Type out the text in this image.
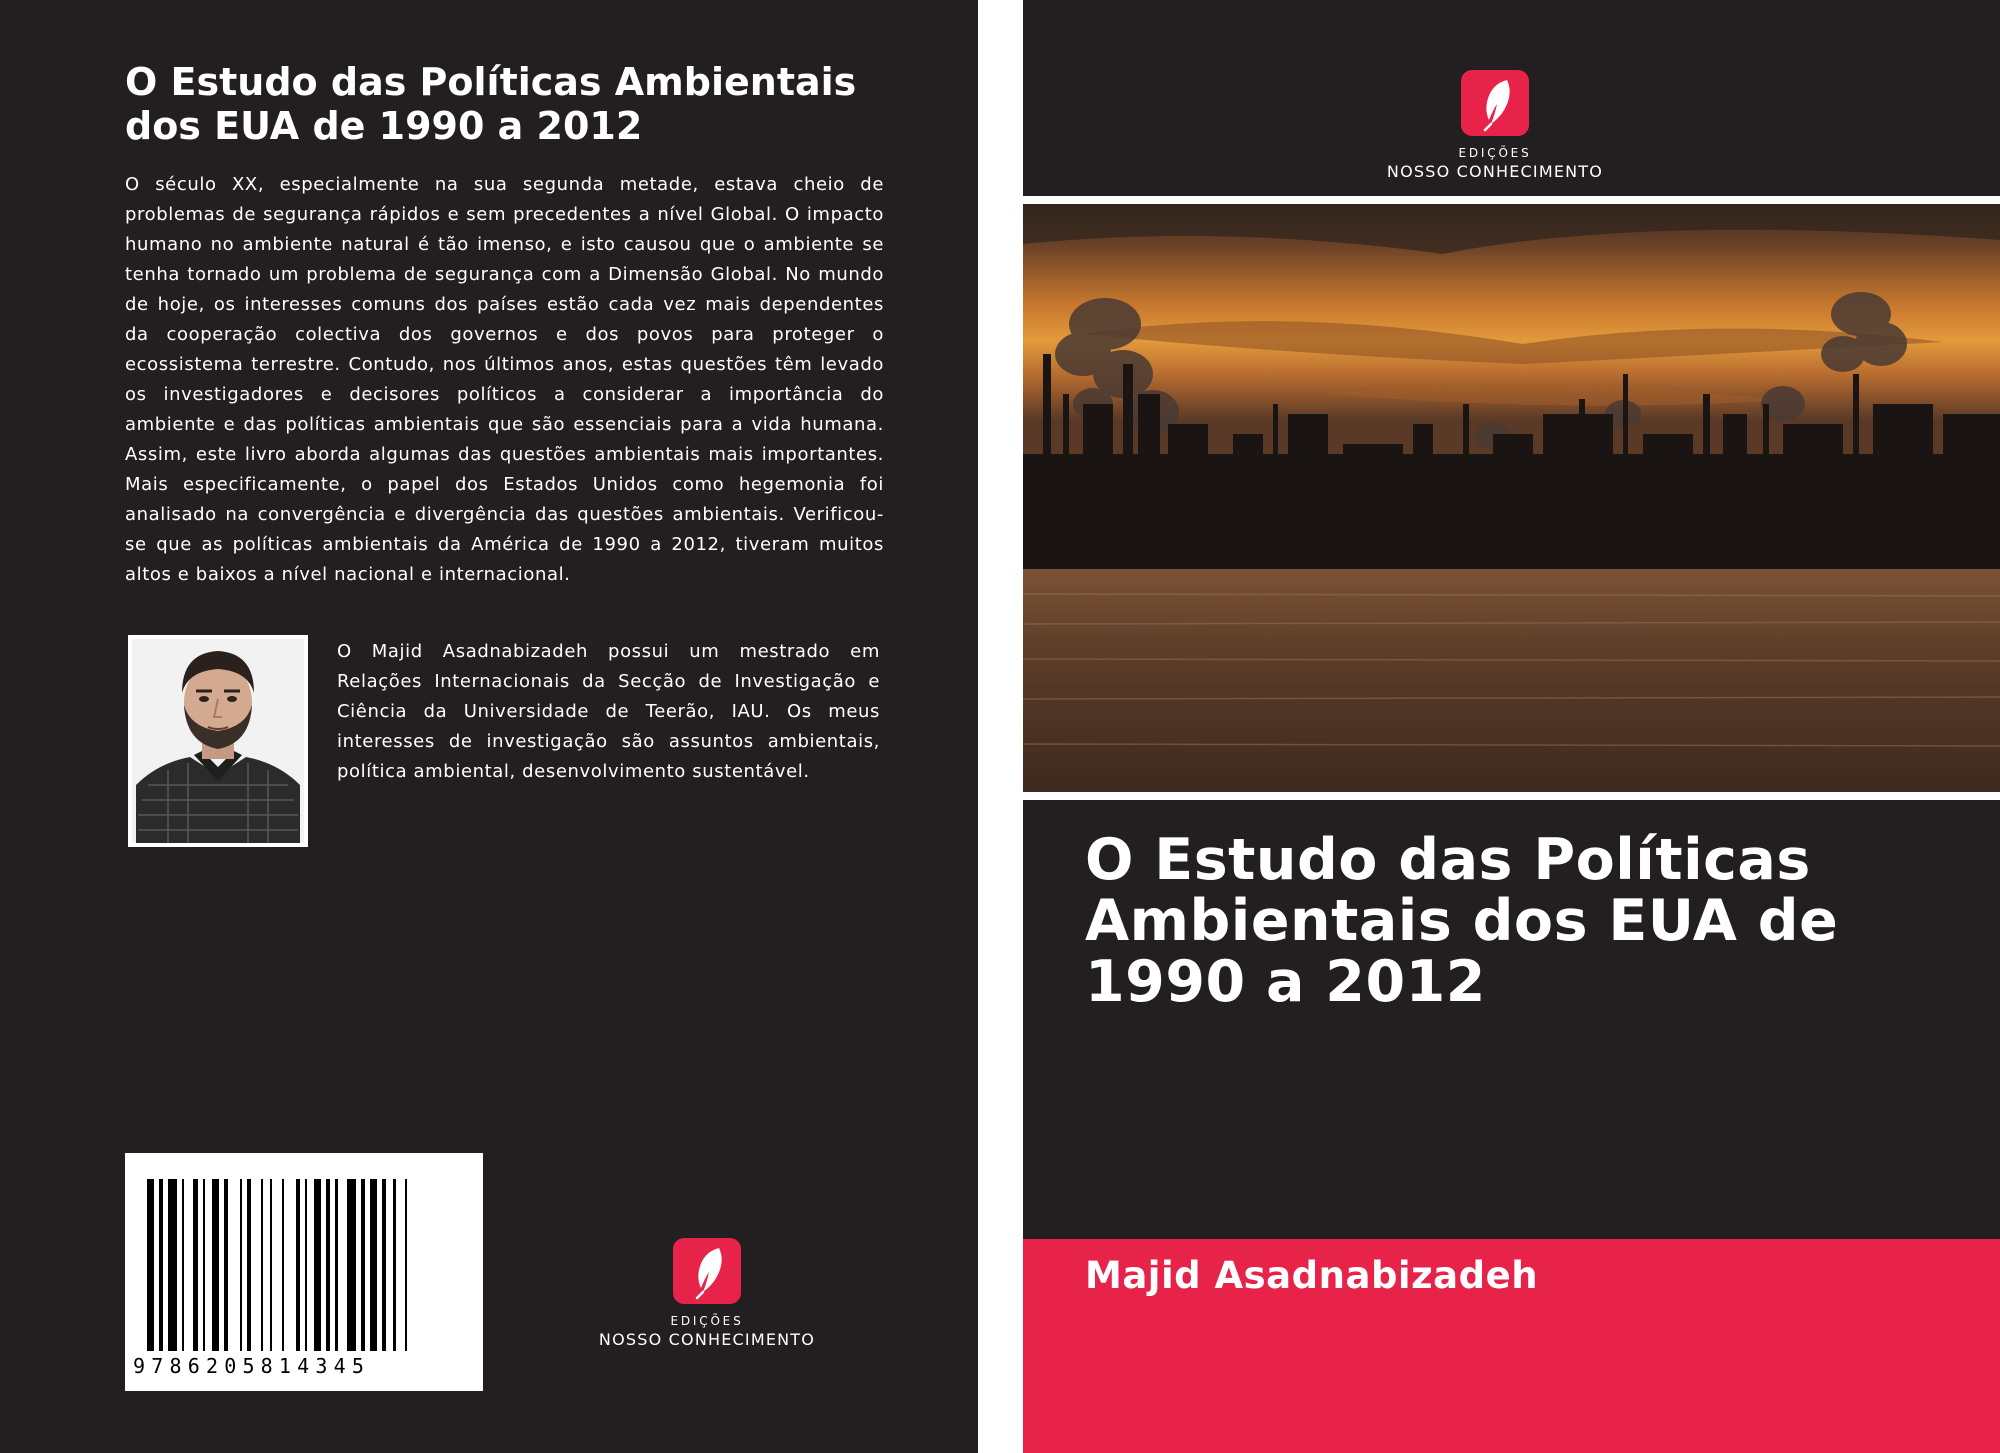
O Estudo das Políticas Ambientais dos EUA de 1990 a 2012

O século XX, especialmente na sua segunda metade, estava cheio de problemas de segurança rápidos e sem precedentes a nível Global. O impacto humano no ambiente natural é tão imenso, e isto causou que o ambiente se tenha tornado um problema de segurança com a Dimensão Global. No mundo de hoje, os interesses comuns dos países estão cada vez mais dependentes da cooperação colectiva dos governos e dos povos para proteger o ecossistema terrestre. Contudo, nos últimos anos, estas questões têm levado os investigadores e decisores políticos a considerar a importância do ambiente e das políticas ambientais que são essenciais para a vida humana. Assim, este livro aborda algumas das questões ambientais mais importantes. Mais especificamente, o papel dos Estados Unidos como hegemonia foi analisado na convergência e divergência das questões ambientais. Verificou-se que as políticas ambientais da América de 1990 a 2012, tiveram muitos altos e baixos a nível nacional e internacional.

O Majid Asadnabizadeh possui um mestrado em Relações Internacionais da Secção de Investigação e Ciência da Universidade de Teerão, IAU. Os meus interesses de investigação são assuntos ambientais, política ambiental, desenvolvimento sustentável.

9786205814345
EDIÇÕES
NOSSO CONHECIMENTO
Majid Asadnabizadeh
EDIÇÕES
NOSSO CONHECIMENTO
O Estudo das Políticas Ambientais dos EUA de 1990 a 2012

Majid Asadnabizadeh
